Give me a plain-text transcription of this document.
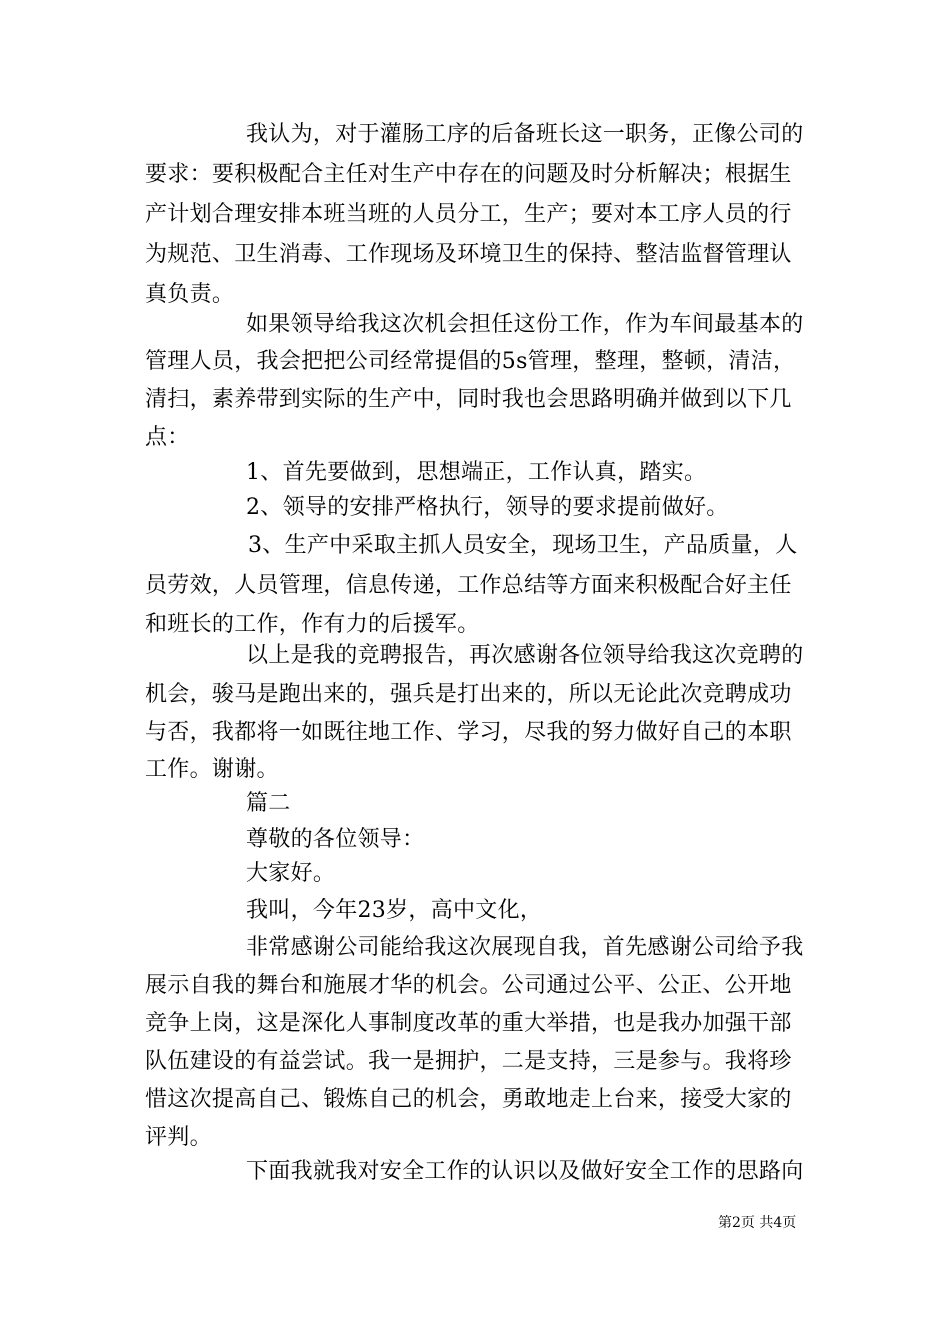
我认为，对于灌肠工序的后备班长这一职务，正像公司的
要求：要积极配合主任对生产中存在的问题及时分析解决；根据生
产计划合理安排本班当班的人员分工，生产；要对本工序人员的行
为规范、卫生消毒、工作现场及环境卫生的保持、整洁监督管理认
真负责。
如果领导给我这次机会担任这份工作，作为车间最基本的
管理人员，我会把把公司经常提倡的5s管理，整理，整顿，清洁，
清扫，素养带到实际的生产中，同时我也会思路明确并做到以下几
点：
1、首先要做到，思想端正，工作认真，踏实。
2、领导的安排严格执行，领导的要求提前做好。
3、生产中采取主抓人员安全，现场卫生，产品质量，人
员劳效，人员管理，信息传递，工作总结等方面来积极配合好主任
和班长的工作，作有力的后援军。
以上是我的竞聘报告，再次感谢各位领导给我这次竞聘的
机会，骏马是跑出来的，强兵是打出来的，所以无论此次竞聘成功
与否，我都将一如既往地工作、学习，尽我的努力做好自己的本职
工作。谢谢。
篇二
尊敬的各位领导：
大家好。
我叫，今年23岁，高中文化，
非常感谢公司能给我这次展现自我，首先感谢公司给予我
展示自我的舞台和施展才华的机会。公司通过公平、公正、公开地
竞争上岗，这是深化人事制度改革的重大举措，也是我办加强干部
队伍建设的有益尝试。我一是拥护，二是支持，三是参与。我将珍
惜这次提高自己、锻炼自己的机会，勇敢地走上台来，接受大家的
评判。
下面我就我对安全工作的认识以及做好安全工作的思路向
第2页 共4页
